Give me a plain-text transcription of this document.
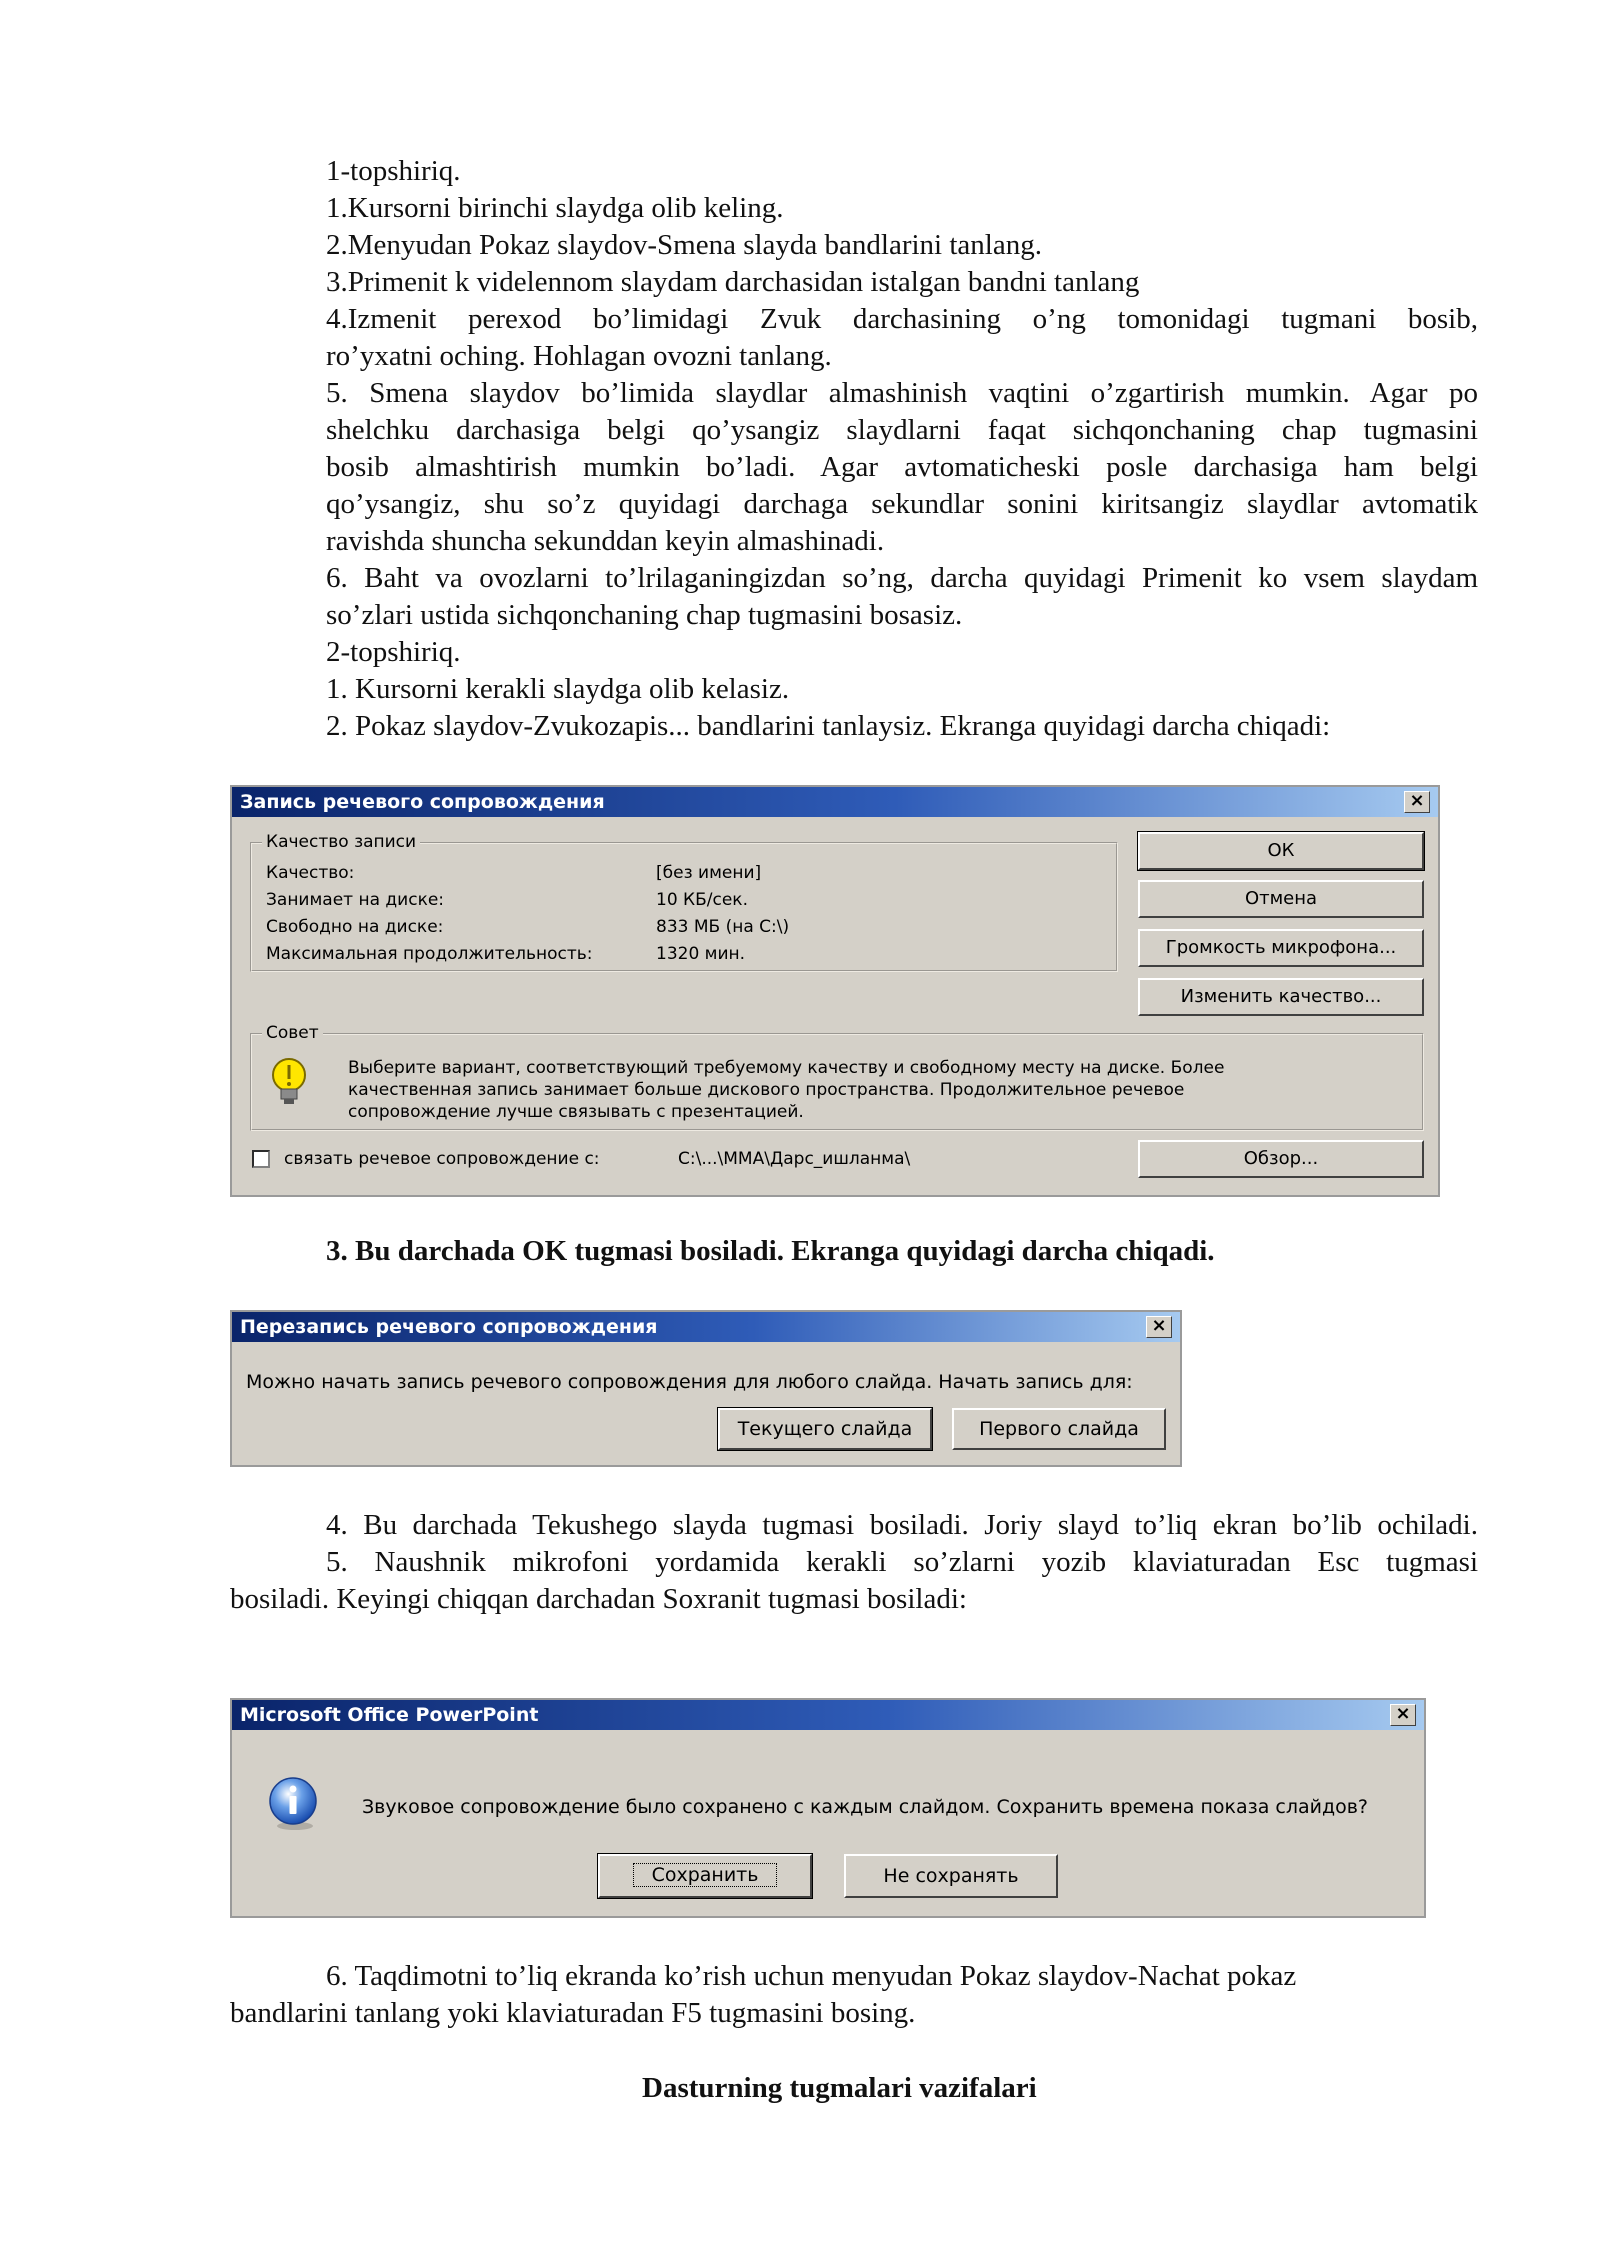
1-topshiriq.
1.Kursorni birinchi slaydga olib keling.
2.Menyudan Pokaz slaydov-Smena slayda bandlarini tanlang.
3.Primenit k videlennom slaydam darchasidan istalgan bandni tanlang
4.Izmenit perexod bo’limidagi Zvuk darchasining o’ng tomonidagi tugmani bosib,
ro’yxatni oching. Hohlagan ovozni tanlang.
5. Smena slaydov bo’limida slaydlar almashinish vaqtini o’zgartirish mumkin. Agar po
shelchku darchasiga belgi qo’ysangiz slaydlarni faqat sichqonchaning chap tugmasini
bosib almashtirish mumkin bo’ladi. Agar avtomaticheski posle darchasiga ham belgi
qo’ysangiz, shu so’z quyidagi darchaga sekundlar sonini kiritsangiz slaydlar avtomatik
ravishda shuncha sekunddan keyin almashinadi.
6. Baht va ovozlarni to’lrilaganingizdan so’ng, darcha quyidagi Primenit ko vsem slaydam
so’zlari ustida sichqonchaning chap tugmasini bosasiz.
2-topshiriq.
1. Kursorni kerakli slaydga olib kelasiz.
2. Pokaz slaydov-Zvukozapis... bandlarini tanlaysiz. Ekranga quyidagi darcha chiqadi:
Запись речевого сопровождения	×
Качество записи
Качество:	[без имени]
Занимает на диске:	10 КБ/сек.
Свободно на диске:	833 МБ (на С:\)
Максимальная продолжительность:	1320 мин.
ОК
Отмена
Громкость микрофона...
Изменить качество...
Совет
Выберите вариант, соответствующий требуемому качеству и свободному месту на диске. Более
качественная запись занимает больше дискового пространства. Продолжительное речевое
сопровождение лучше связывать с презентацией.
связать речевое сопровождение с:	C:\...\MMA\Дарс_ишланма\	Обзор...
3. Bu darchada OK tugmasi bosiladi. Ekranga quyidagi darcha chiqadi.
Перезапись речевого сопровождения	×
Можно начать запись речевого сопровождения для любого слайда. Начать запись для:
Текущего слайда	Первого слайда
4. Bu darchada Tekushego slayda tugmasi bosiladi. Joriy slayd to’liq ekran bo’lib ochiladi.
5. Naushnik mikrofoni yordamida kerakli so’zlarni yozib klaviaturadan Esc tugmasi
bosiladi. Keyingi chiqqan darchadan Soxranit tugmasi bosiladi:
Microsoft Office PowerPoint	×
Звуковое сопровождение было сохранено с каждым слайдом. Сохранить времена показа слайдов?
Сохранить	Не сохранять
6. Taqdimotni to’liq ekranda ko’rish uchun menyudan Pokaz slaydov-Nachat pokaz
bandlarini tanlang yoki klaviaturadan F5 tugmasini bosing.
Dasturning tugmalari vazifalari
